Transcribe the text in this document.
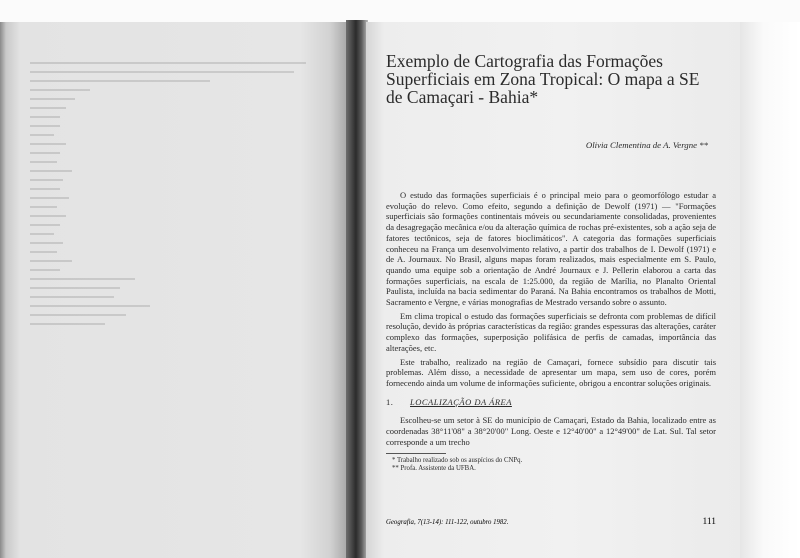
Exemplo de Cartografia das Formações Superficiais em Zona Tropical: O mapa a SE de Camaçari - Bahia*
Olivia Clementina de A. Vergne **

O estudo das formações superficiais é o principal meio para o geomorfólogo estudar a evolução do relevo. Como efeito, segundo a definição de Dewolf (1971) — "Formações superficiais são formações continentais móveis ou secundariamente consolidadas, provenientes da desagregação mecânica e/ou da alteração química de rochas pré-existentes, sob a ação seja de fatores tectônicos, seja de fatores bioclimáticos". A categoria das formações superficiais conheceu na França um desenvolvimento relativo, a partir dos trabalhos de I. Dewolf (1971) e de A. Journaux. No Brasil, alguns mapas foram realizados, mais especialmente em S. Paulo, quando uma equipe sob a orientação de André Journaux e J. Pellerin elaborou a carta das formações superficiais, na escala de 1:25.000, da região de Marília, no Planalto Oriental Paulista, incluída na bacia sedimentar do Paraná. Na Bahia encontramos os trabalhos de Motti, Sacramento e Vergne, e várias monografias de Mestrado versando sobre o assunto.

Em clima tropical o estudo das formações superficiais se defronta com problemas de difícil resolução, devido às próprias características da região: grandes espessuras das alterações, caráter complexo das formações, superposição polifásica de perfis de camadas, importância das alterações, etc.

Este trabalho, realizado na região de Camaçari, fornece subsídio para discutir tais problemas. Além disso, a necessidade de apresentar um mapa, sem uso de cores, porém fornecendo ainda um volume de informações suficiente, obrigou a encontrar soluções originais.

1. LOCALIZAÇÃO DA ÁREA

Escolheu-se um setor à SE do município de Camaçari, Estado da Bahia, localizado entre as coordenadas 38°11'08" a 38°20'00" Long. Oeste e 12°40'00" a 12°49'00" de Lat. Sul. Tal setor corresponde a um trecho

* Trabalho realizado sob os auspícios do CNPq.
** Profa. Assistente da UFBA.
Geografia, 7(13-14): 111-122, outubro 1982.	111
